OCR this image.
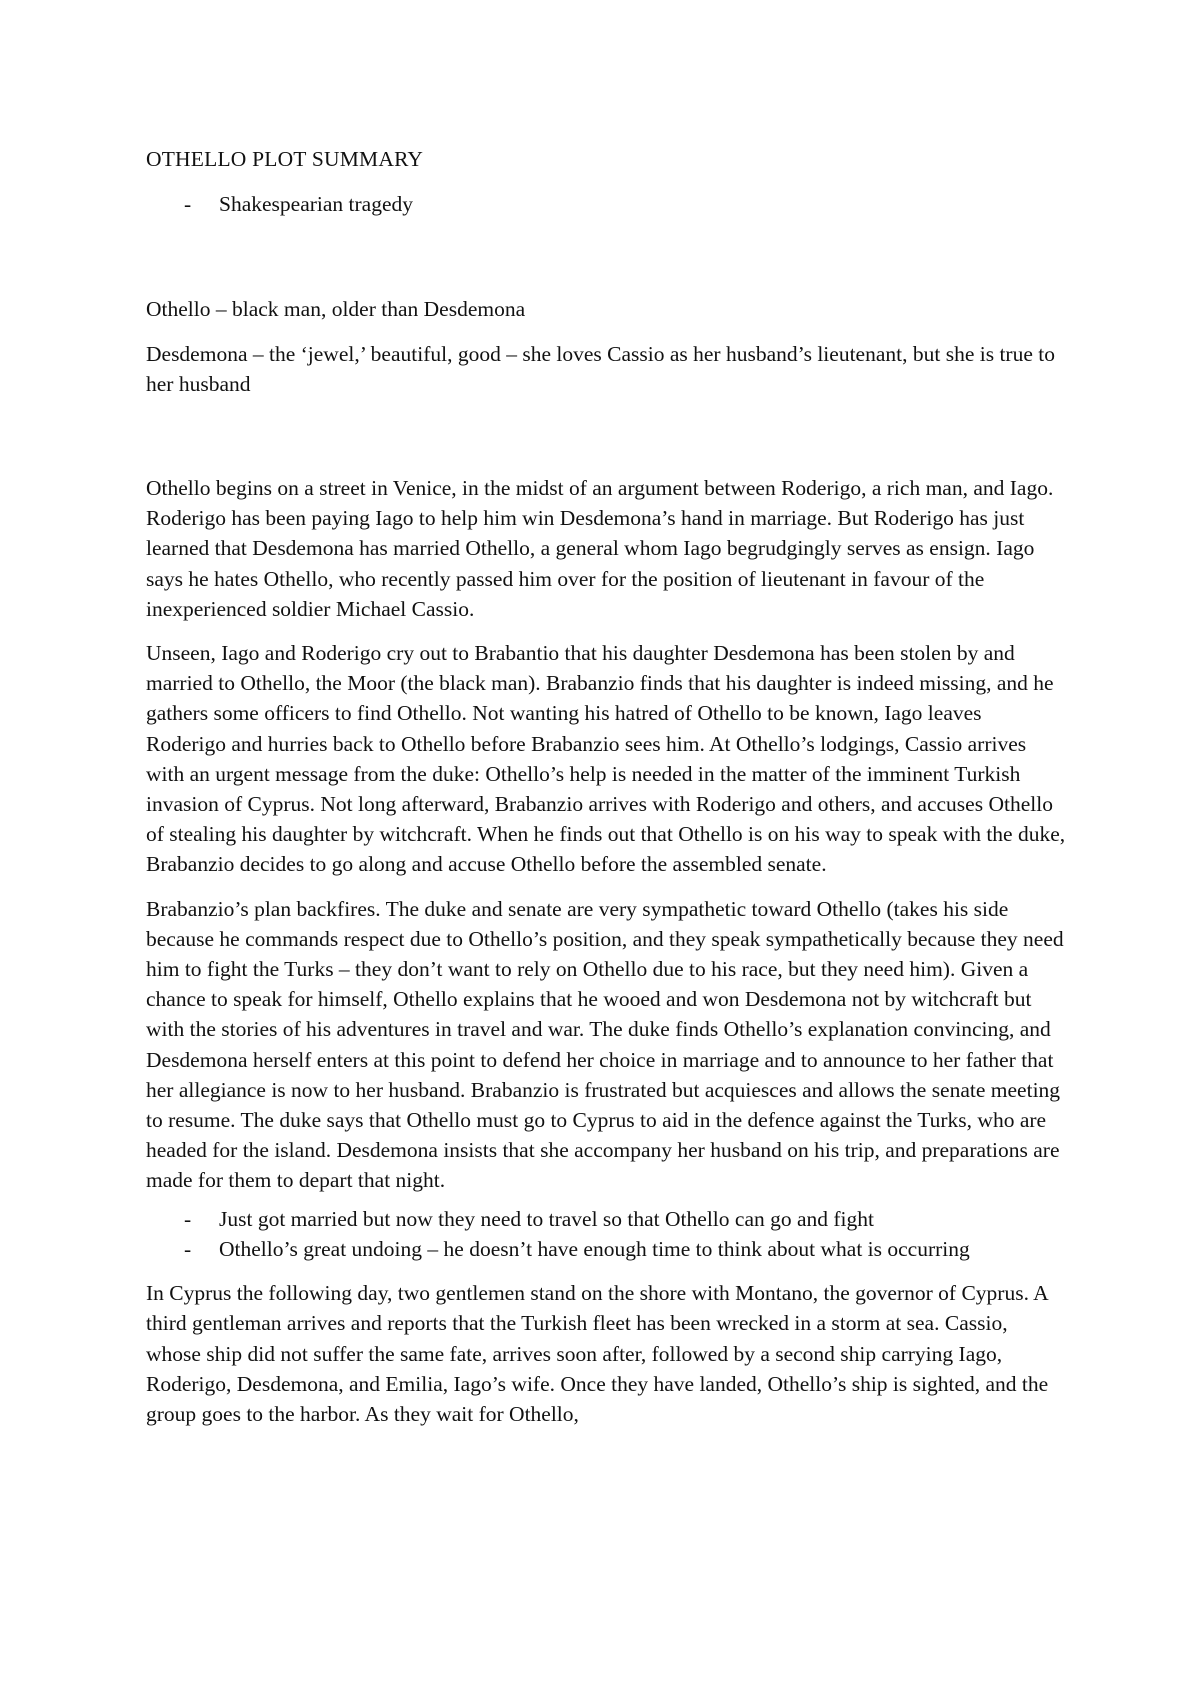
OTHELLO PLOT SUMMARY
- Shakespearian tragedy

Othello – black man, older than Desdemona

Desdemona – the ‘jewel,’ beautiful, good – she loves Cassio as her husband’s lieutenant, but she is true to her husband

Othello begins on a street in Venice, in the midst of an argument between Roderigo, a rich man, and Iago. Roderigo has been paying Iago to help him win Desdemona’s hand in marriage. But Roderigo has just learned that Desdemona has married Othello, a general whom Iago begrudgingly serves as ensign. Iago says he hates Othello, who recently passed him over for the position of lieutenant in favour of the inexperienced soldier Michael Cassio.

Unseen, Iago and Roderigo cry out to Brabantio that his daughter Desdemona has been stolen by and married to Othello, the Moor (the black man). Brabanzio finds that his daughter is indeed missing, and he gathers some officers to find Othello. Not wanting his hatred of Othello to be known, Iago leaves Roderigo and hurries back to Othello before Brabanzio sees him. At Othello’s lodgings, Cassio arrives with an urgent message from the duke: Othello’s help is needed in the matter of the imminent Turkish invasion of Cyprus. Not long afterward, Brabanzio arrives with Roderigo and others, and accuses Othello of stealing his daughter by witchcraft. When he finds out that Othello is on his way to speak with the duke, Brabanzio decides to go along and accuse Othello before the assembled senate.

Brabanzio’s plan backfires. The duke and senate are very sympathetic toward Othello (takes his side because he commands respect due to Othello’s position, and they speak sympathetically because they need him to fight the Turks – they don’t want to rely on Othello due to his race, but they need him). Given a chance to speak for himself, Othello explains that he wooed and won Desdemona not by witchcraft but with the stories of his adventures in travel and war. The duke finds Othello’s explanation convincing, and Desdemona herself enters at this point to defend her choice in marriage and to announce to her father that her allegiance is now to her husband. Brabanzio is frustrated but acquiesces and allows the senate meeting to resume. The duke says that Othello must go to Cyprus to aid in the defence against the Turks, who are headed for the island. Desdemona insists that she accompany her husband on his trip, and preparations are made for them to depart that night.

- Just got married but now they need to travel so that Othello can go and fight
- Othello’s great undoing – he doesn’t have enough time to think about what is occurring

In Cyprus the following day, two gentlemen stand on the shore with Montano, the governor of Cyprus. A third gentleman arrives and reports that the Turkish fleet has been wrecked in a storm at sea. Cassio, whose ship did not suffer the same fate, arrives soon after, followed by a second ship carrying Iago, Roderigo, Desdemona, and Emilia, Iago’s wife. Once they have landed, Othello’s ship is sighted, and the group goes to the harbor. As they wait for Othello,
